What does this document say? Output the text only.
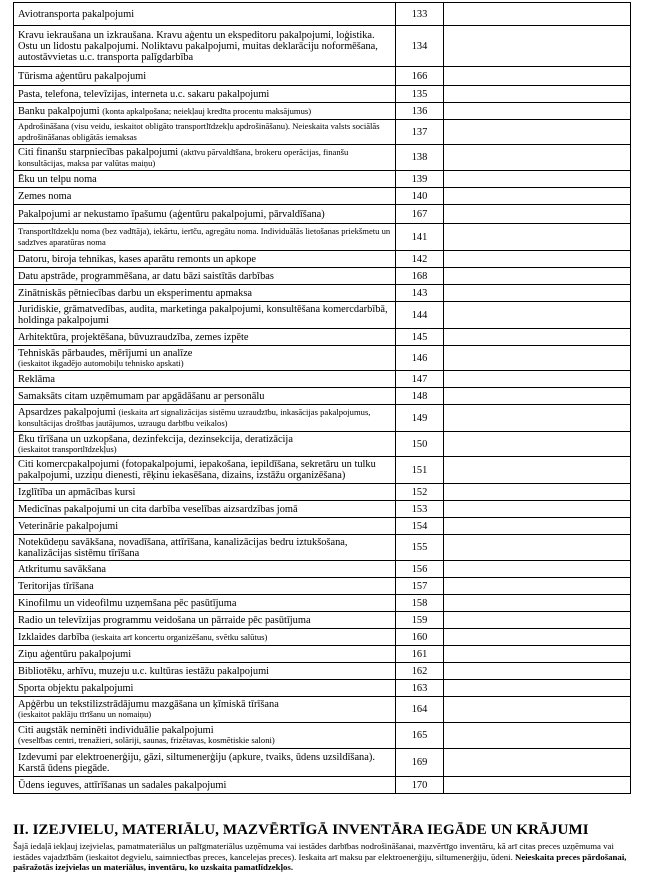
Aviotransporta pakalpojumi	133	
Kravu iekraušana un izkraušana. Kravu aģentu un ekspeditoru pakalpojumi, loģistika. Ostu un lidostu pakalpojumi. Noliktavu pakalpojumi, muitas deklarāciju noformēšana, autostāvvietas u.c. transporta palīgdarbība	134	
Tūrisma aģentūru pakalpojumi	166	
Pasta, telefona, televīzijas, interneta u.c. sakaru pakalpojumi	135	
Banku pakalpojumi (konta apkalpošana; neiekļauj kredīta procentu maksājumus)	136	
Apdrošināšana (visu veidu, ieskaitot obligāto transportlīdzekļu apdrošināšanu). Neieskaita valsts sociālās apdrošināšanas obligātās iemaksas	137	
Citi finanšu starpniecības pakalpojumi (aktīvu pārvaldīšana, brokeru operācijas, finanšu konsultācijas, maksa par valūtas maiņu)	138	
Ēku un telpu noma	139	
Zemes noma	140	
Pakalpojumi ar nekustamo īpašumu (aģentūru pakalpojumi, pārvaldīšana)	167	
Transportlīdzekļu noma (bez vadītāja), iekārtu, ierīču, agregātu noma. Individuālās lietošanas priekšmetu un sadzīves aparatūras noma	141	
Datoru, biroja tehnikas, kases aparātu remonts un apkope	142	
Datu apstrāde, programmēšana, ar datu bāzi saistītās darbības	168	
Zinātniskās pētniecības darbu un eksperimentu apmaksa	143	
Juridiskie, grāmatvedības, audita, marketinga pakalpojumi, konsultēšana komercdarbībā, holdinga pakalpojumi	144	
Arhitektūra, projektēšana, būvuzraudzība, zemes izpēte	145	
Tehniskās pārbaudes, mērījumi un analīze
(ieskaitot ikgadējo automobiļu tehnisko apskati)	146	
Reklāma	147	
Samaksāts citam uzņēmumam par apgādāšanu ar personālu	148	
Apsardzes pakalpojumi (ieskaita arī signalizācijas sistēmu uzraudzību, inkasācijas pakalpojumus, konsultācijas drošības jautājumos, uzraugu darbību veikalos)	149	
Ēku tīrīšana un uzkopšana, dezinfekcija, dezinsekcija, deratizācija
(ieskaitot transportlīdzekļus)	150	
Citi komercpakalpojumi (fotopakalpojumi, iepakošana, iepildīšana, sekretāru un tulku pakalpojumi, uzziņu dienesti, rēķinu iekasēšana, dizains, izstāžu organizēšana)	151	
Izglītība un apmācības kursi	152	
Medicīnas pakalpojumi un cita darbība veselības aizsardzības jomā	153	
Veterinārie pakalpojumi	154	
Notekūdeņu savākšana, novadīšana, attīrīšana, kanalizācijas bedru iztukšošana, kanalizācijas sistēmu tīrīšana	155	
Atkritumu savākšana	156	
Teritorijas tīrīšana	157	
Kinofilmu un videofilmu uzņemšana pēc pasūtījuma	158	
Radio un televīzijas programmu veidošana un pārraide pēc pasūtījuma	159	
Izklaides darbība (ieskaita arī koncertu organizēšanu, svētku salūtus)	160	
Ziņu aģentūru pakalpojumi	161	
Bibliotēku, arhīvu, muzeju u.c. kultūras iestāžu pakalpojumi	162	
Sporta objektu pakalpojumi	163	
Apģērbu un tekstilizstrādājumu mazgāšana un ķīmiskā tīrīšana
(ieskaitot paklāju tīrīšanu un nomaiņu)	164	
Citi augstāk neminēti individuālie pakalpojumi
(veselības centri, trenažieri, solāriji, saunas, frizētavas, kosmētiskie saloni)	165	
Izdevumi par elektroenerģiju, gāzi, siltumenerģiju (apkure, tvaiks, ūdens uzsildīšana). Karstā ūdens piegāde.	169	
Ūdens ieguves, attīrīšanas un sadales pakalpojumi	170	
II. IZEJVIELU, MATERIĀLU, MAZVĒRTĪGĀ INVENTĀRA IEGĀDE UN KRĀJUMI
Šajā iedaļā iekļauj izejvielas, pamatmateriālus un palīgmateriālus uzņēmuma vai iestādes darbības nodrošināšanai, mazvērtīgo inventāru, kā arī citas preces uzņēmuma vai iestādes vajadzībām (ieskaitot degvielu, saimniecības preces, kancelejas preces). Ieskaita arī maksu par elektroenerģiju, siltumenerģiju, ūdeni. Neieskaita preces pārdošanai, pašražotās izejvielas un materiālus, inventāru, ko uzskaita pamatlīdzekļos.
